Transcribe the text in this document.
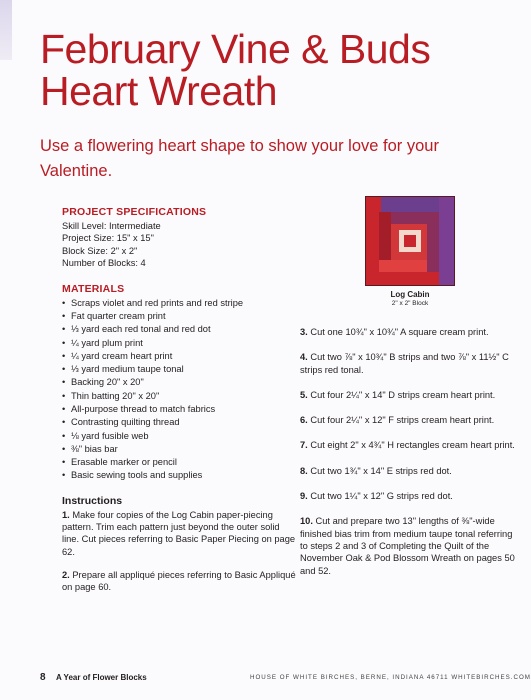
February Vine & Buds Heart Wreath

Use a flowering heart shape to show your love for your Valentine.

PROJECT SPECIFICATIONS
Skill Level: Intermediate
Project Size: 15" x 15"
Block Size: 2" x 2"
Number of Blocks: 4
MATERIALS
• Scraps violet and red prints and red stripe
• Fat quarter cream print
• ⅓ yard each red tonal and red dot
• ¼ yard plum print
• ¼ yard cream heart print
• ⅓ yard medium taupe tonal
• Backing 20" x 20"
• Thin batting 20" x 20"
• All-purpose thread to match fabrics
• Contrasting quilting thread
• ⅛ yard fusible web
• ⅜" bias bar
• Erasable marker or pencil
• Basic sewing tools and supplies
Instructions

1. Make four copies of the Log Cabin paper-piecing pattern. Trim each pattern just beyond the outer solid line. Cut pieces referring to Basic Paper Piecing on page 62.

2. Prepare all appliqué pieces referring to Basic Appliqué on page 60.

Log Cabin
2" x 2" Block

3. Cut one 10¾" x 10¾" A square cream print.

4. Cut two ⅞" x 10¾" B strips and two ⅞" x 11½" C strips red tonal.

5. Cut four 2¼" x 14" D strips cream heart print.

6. Cut four 2¼" x 12" F strips cream heart print.

7. Cut eight 2" x 4¾" H rectangles cream heart print.

8. Cut two 1¾" x 14" E strips red dot.

9. Cut two 1¼" x 12" G strips red dot.

10. Cut and prepare two 13" lengths of ⅜"-wide finished bias trim from medium taupe tonal referring to steps 2 and 3 of Completing the Quilt of the November Oak & Pod Blossom Wreath on pages 50 and 52.

8 A Year of Flower Blocks	HOUSE OF WHITE BIRCHES, BERNE, INDIANA 46711 WHITEBIRCHES.COM
